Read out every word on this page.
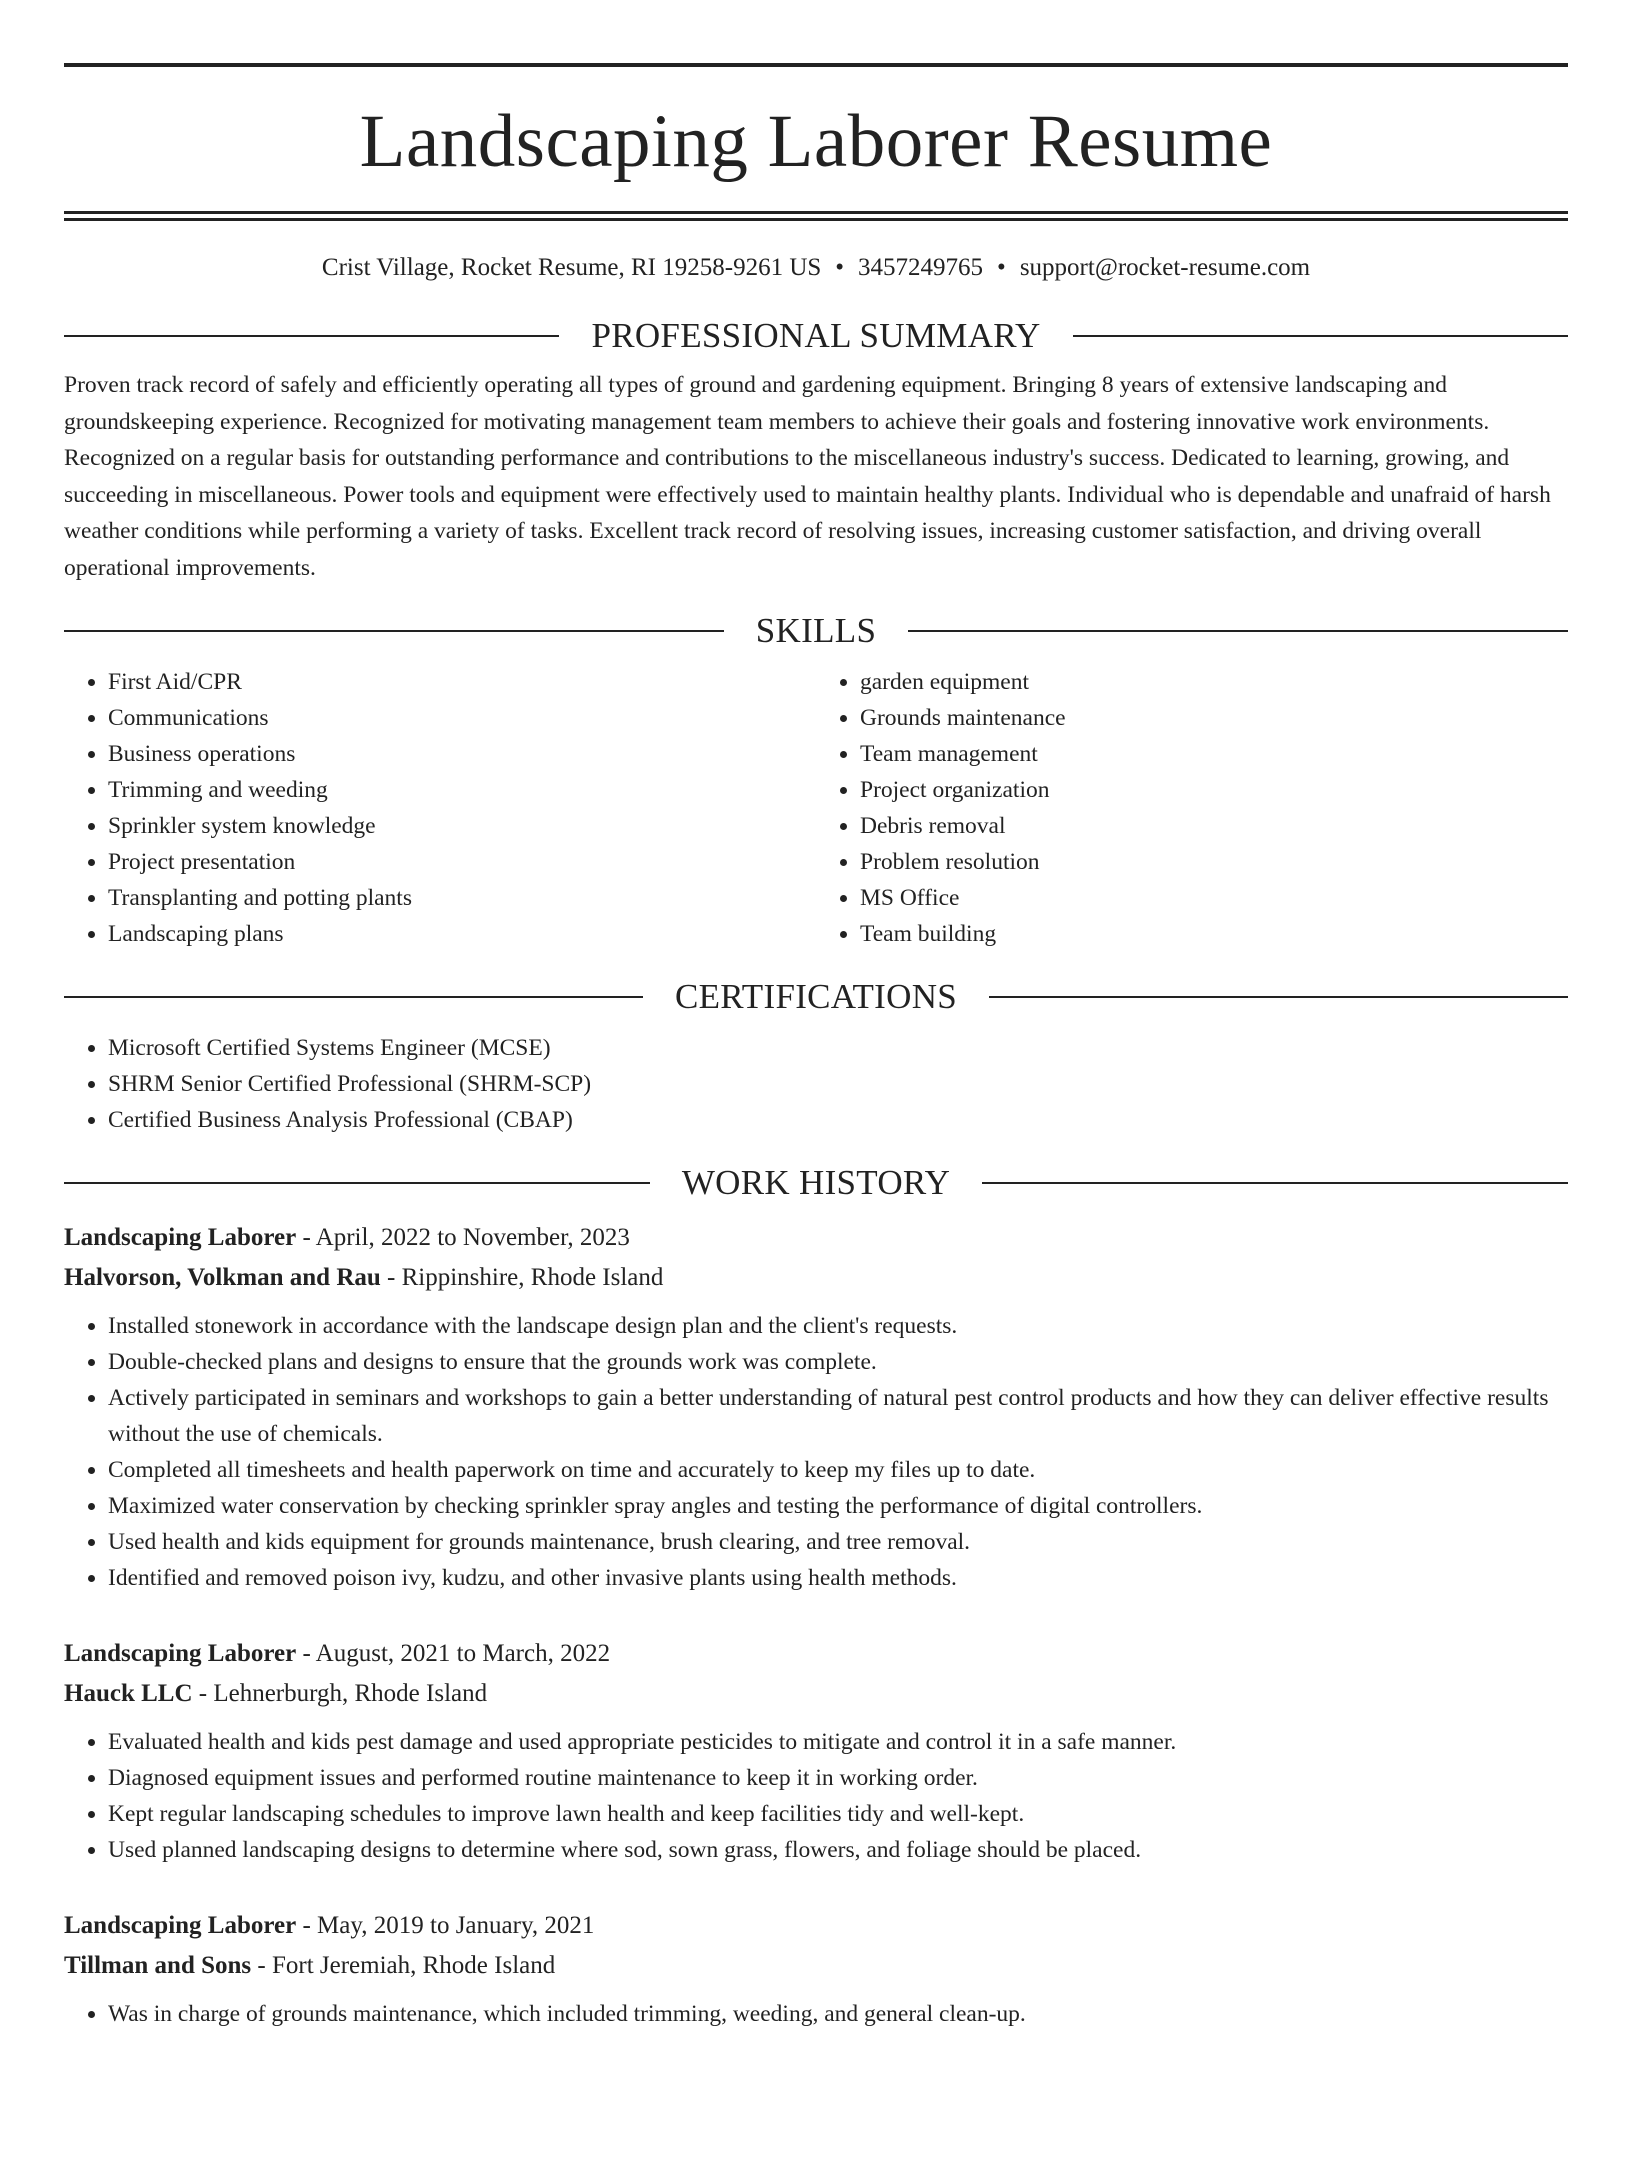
Landscaping Laborer Resume
Crist Village, Rocket Resume, RI 19258-9261 US • 3457249765 • support@rocket-resume.com
PROFESSIONAL SUMMARY
Proven track record of safely and efficiently operating all types of ground and gardening equipment. Bringing 8 years of extensive landscaping and groundskeeping experience. Recognized for motivating management team members to achieve their goals and fostering innovative work environments. Recognized on a regular basis for outstanding performance and contributions to the miscellaneous industry's success. Dedicated to learning, growing, and succeeding in miscellaneous. Power tools and equipment were effectively used to maintain healthy plants. Individual who is dependable and unafraid of harsh weather conditions while performing a variety of tasks. Excellent track record of resolving issues, increasing customer satisfaction, and driving overall operational improvements.
SKILLS
• First Aid/CPR
• Communications
• Business operations
• Trimming and weeding
• Sprinkler system knowledge
• Project presentation
• Transplanting and potting plants
• Landscaping plans
• garden equipment
• Grounds maintenance
• Team management
• Project organization
• Debris removal
• Problem resolution
• MS Office
• Team building
CERTIFICATIONS
• Microsoft Certified Systems Engineer (MCSE)
• SHRM Senior Certified Professional (SHRM-SCP)
• Certified Business Analysis Professional (CBAP)
WORK HISTORY
Landscaping Laborer - April, 2022 to November, 2023
Halvorson, Volkman and Rau - Rippinshire, Rhode Island
• Installed stonework in accordance with the landscape design plan and the client's requests.
• Double-checked plans and designs to ensure that the grounds work was complete.
• Actively participated in seminars and workshops to gain a better understanding of natural pest control products and how they can deliver effective results without the use of chemicals.
• Completed all timesheets and health paperwork on time and accurately to keep my files up to date.
• Maximized water conservation by checking sprinkler spray angles and testing the performance of digital controllers.
• Used health and kids equipment for grounds maintenance, brush clearing, and tree removal.
• Identified and removed poison ivy, kudzu, and other invasive plants using health methods.
Landscaping Laborer - August, 2021 to March, 2022
Hauck LLC - Lehnerburgh, Rhode Island
• Evaluated health and kids pest damage and used appropriate pesticides to mitigate and control it in a safe manner.
• Diagnosed equipment issues and performed routine maintenance to keep it in working order.
• Kept regular landscaping schedules to improve lawn health and keep facilities tidy and well-kept.
• Used planned landscaping designs to determine where sod, sown grass, flowers, and foliage should be placed.
Landscaping Laborer - May, 2019 to January, 2021
Tillman and Sons - Fort Jeremiah, Rhode Island
• Was in charge of grounds maintenance, which included trimming, weeding, and general clean-up.
